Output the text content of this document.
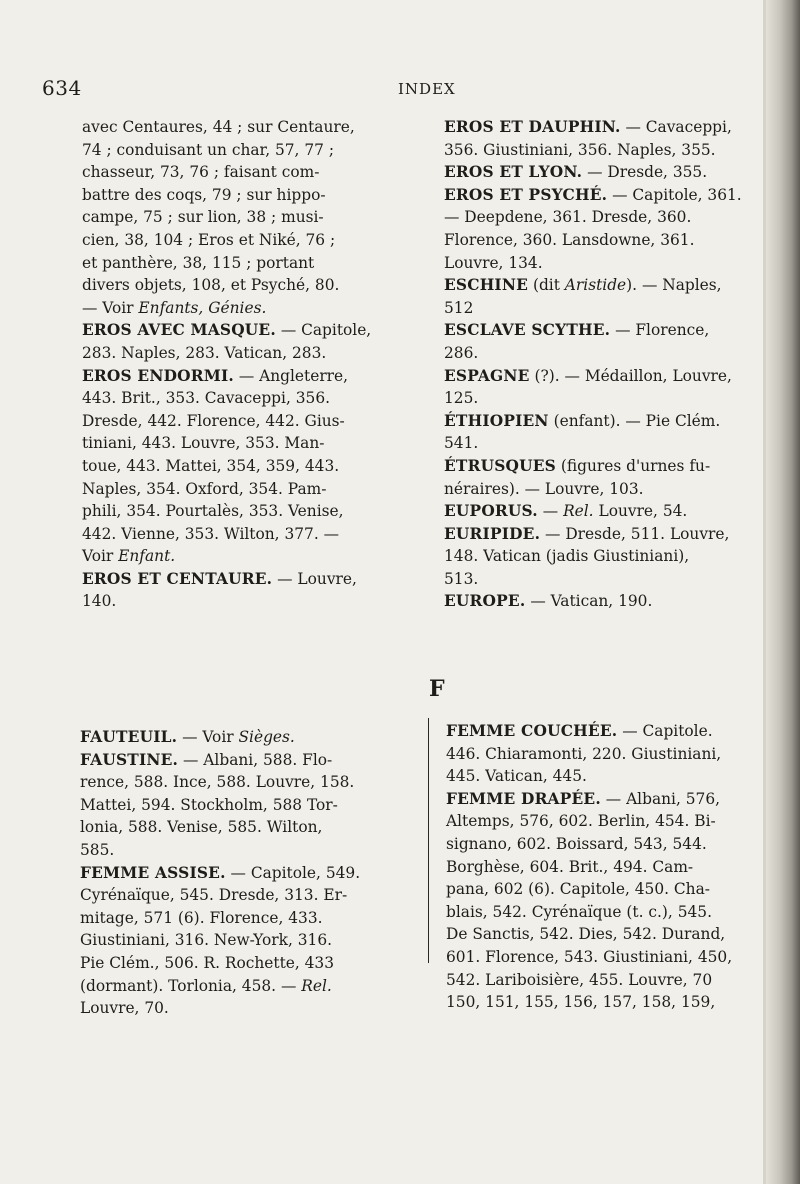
634	INDEX
avec Centaures, 44 ; sur Centaure,
74 ; conduisant un char, 57, 77 ;
chasseur, 73, 76 ; faisant com-
battre des coqs, 79 ; sur hippo-
campe, 75 ; sur lion, 38 ; musi-
cien, 38, 104 ; Eros et Niké, 76 ;
et panthère, 38, 115 ; portant
divers objets, 108, et Psyché, 80.
— Voir Enfants, Génies.
EROS AVEC MASQUE. — Capitole,
283. Naples, 283. Vatican, 283.
EROS ENDORMI. — Angleterre,
443. Brit., 353. Cavaceppi, 356.
Dresde, 442. Florence, 442. Gius-
tiniani, 443. Louvre, 353. Man-
toue, 443. Mattei, 354, 359, 443.
Naples, 354. Oxford, 354. Pam-
phili, 354. Pourtalès, 353. Venise,
442. Vienne, 353. Wilton, 377. —
Voir Enfant.
EROS ET CENTAURE. — Louvre,
140.
EROS ET DAUPHIN. — Cavaceppi,
356. Giustiniani, 356. Naples, 355.
EROS ET LYON. — Dresde, 355.
EROS ET PSYCHÉ. — Capitole, 361.
— Deepdene, 361. Dresde, 360.
Florence, 360. Lansdowne, 361.
Louvre, 134.
ESCHINE (dit Aristide). — Naples,
512
ESCLAVE SCYTHE. — Florence,
286.
ESPAGNE (?). — Médaillon, Louvre,
125.
ÉTHIOPIEN (enfant). — Pie Clém.
541.
ÉTRUSQUES (figures d'urnes fu-
néraires). — Louvre, 103.
EUPORUS. — Rel. Louvre, 54.
EURIPIDE. — Dresde, 511. Louvre,
148. Vatican (jadis Giustiniani),
513.
EUROPE. — Vatican, 190.
F
FAUTEUIL. — Voir Sièges.
FAUSTINE. — Albani, 588. Flo-
rence, 588. Ince, 588. Louvre, 158.
Mattei, 594. Stockholm, 588 Tor-
lonia, 588. Venise, 585. Wilton,
585.
FEMME ASSISE. — Capitole, 549.
Cyrénaïque, 545. Dresde, 313. Er-
mitage, 571 (6). Florence, 433.
Giustiniani, 316. New-York, 316.
Pie Clém., 506. R. Rochette, 433
(dormant). Torlonia, 458. — Rel.
Louvre, 70.
FEMME COUCHÉE. — Capitole.
446. Chiaramonti, 220. Giustiniani,
445. Vatican, 445.
FEMME DRAPÉE. — Albani, 576,
Altemps, 576, 602. Berlin, 454. Bi-
signano, 602. Boissard, 543, 544.
Borghèse, 604. Brit., 494. Cam-
pana, 602 (6). Capitole, 450. Cha-
blais, 542. Cyrénaïque (t. c.), 545.
De Sanctis, 542. Dies, 542. Durand,
601. Florence, 543. Giustiniani, 450,
542. Lariboisière, 455. Louvre, 70
150, 151, 155, 156, 157, 158, 159,
